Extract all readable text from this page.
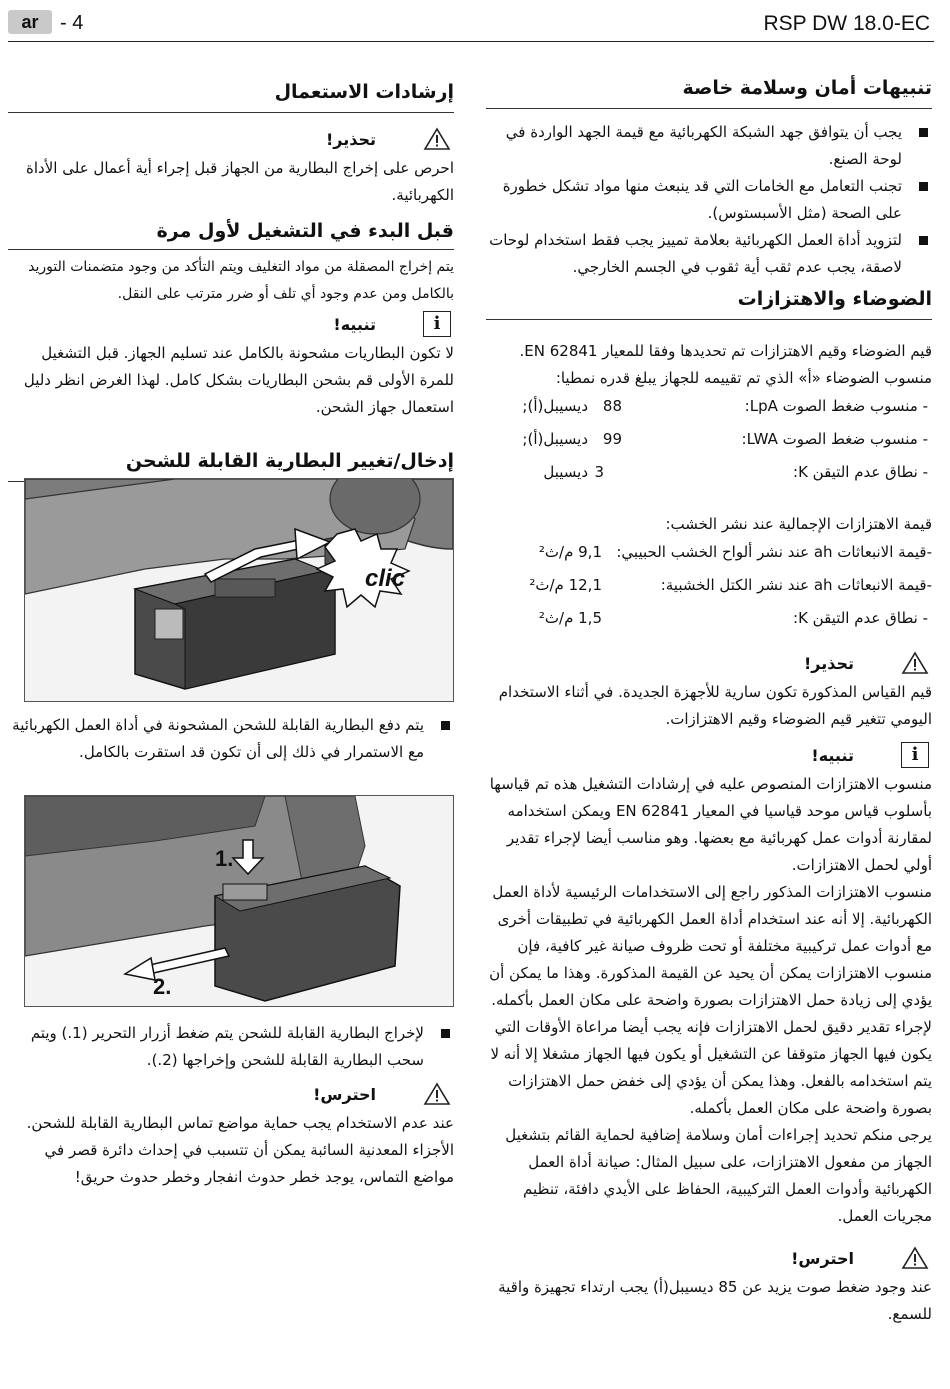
ar	- 4	RSP DW 18.0-EC
تنبيهات أمان وسلامة خاصة
يجب أن يتوافق جهد الشبكة الكهربائية مع قيمة الجهد الواردة في لوحة الصنع.
تجنب التعامل مع الخامات التي قد ينبعث منها مواد تشكل خطورة على الصحة (مثل الأسبستوس).
لتزويد أداة العمل الكهربائية بعلامة تمييز يجب فقط استخدام لوحات لاصقة، يجب عدم ثقب أية ثقوب في الجسم الخارجي.
الضوضاء والاهتزازات

قيم الضوضاء وقيم الاهتزازات تم تحديدها وفقا للمعيار EN 62841. منسوب الضوضاء «أ» الذي تم تقييمه للجهاز يبلغ قدره نمطيا:

- منسوب ضغط الصوت LpA:
88
ديسيبل(أ);
- منسوب ضغط الصوت LWA:
99
ديسيبل(أ);
- نطاق عدم التيقن K:
3
ديسيبل

قيمة الاهتزازات الإجمالية عند نشر الخشب:

-قيمة الانبعاثات ah عند نشر ألواح الخشب الحبيبي:
9,1 م/ث²
-قيمة الانبعاثات ah عند نشر الكتل الخشبية:
12,1 م/ث²
- نطاق عدم التيقن K:
1,5 م/ث²
تحذير!

قيم القياس المذكورة تكون سارية للأجهزة الجديدة. في أثناء الاستخدام اليومي تتغير قيم الضوضاء وقيم الاهتزازات.

i
تنبيه!

منسوب الاهتزازات المنصوص عليه في إرشادات التشغيل هذه تم قياسها بأسلوب قياس موحد قياسيا في المعيار EN 62841 ويمكن استخدامه لمقارنة أدوات عمل كهربائية مع بعضها. وهو مناسب أيضا لإجراء تقدير أولي لحمل الاهتزازات.

منسوب الاهتزازات المذكور راجع إلى الاستخدامات الرئيسية لأداة العمل الكهربائية. إلا أنه عند استخدام أداة العمل الكهربائية في تطبيقات أخرى مع أدوات عمل تركيبية مختلفة أو تحت ظروف صيانة غير كافية، فإن منسوب الاهتزازات يمكن أن يحيد عن القيمة المذكورة. وهذا ما يمكن أن يؤدي إلى زيادة حمل الاهتزازات بصورة واضحة على مكان العمل بأكمله.

لإجراء تقدير دقيق لحمل الاهتزازات فإنه يجب أيضا مراعاة الأوقات التي يكون فيها الجهاز متوقفا عن التشغيل أو يكون فيها الجهاز مشغلا إلا أنه لا يتم استخدامه بالفعل. وهذا يمكن أن يؤدي إلى خفض حمل الاهتزازات بصورة واضحة على مكان العمل بأكمله.

يرجى منكم تحديد إجراءات أمان وسلامة إضافية لحماية القائم بتشغيل الجهاز من مفعول الاهتزازات، على سبيل المثال: صيانة أداة العمل الكهربائية وأدوات العمل التركيبية، الحفاظ على الأيدي دافئة، تنظيم مجريات العمل.

احترس!

عند وجود ضغط صوت يزيد عن 85 ديسيبل(أ) يجب ارتداء تجهيزة واقية للسمع.

إرشادات الاستعمال
تحذير!

احرص على إخراج البطارية من الجهاز قبل إجراء أية أعمال على الأداة الكهربائية.

قبل البدء في التشغيل لأول مرة

يتم إخراج المصقلة من مواد التغليف ويتم التأكد من وجود متضمنات التوريد بالكامل ومن عدم وجود أي تلف أو ضرر مترتب على النقل.

i
تنبيه!

لا تكون البطاريات مشحونة بالكامل عند تسليم الجهاز. قبل التشغيل للمرة الأولى قم بشحن البطاريات بشكل كامل. لهذا الغرض انظر دليل استعمال جهاز الشحن.

إدخال/تغيير البطارية القابلة للشحن
clic
يتم دفع البطارية القابلة للشحن المشحونة في أداة العمل الكهربائية مع الاستمرار في ذلك إلى أن تكون قد استقرت بالكامل.
1.
2.
لإخراج البطارية القابلة للشحن يتم ضغط أزرار التحرير (1.) ويتم سحب البطارية القابلة للشحن وإخراجها (2.).
احترس!

عند عدم الاستخدام يجب حماية مواضع تماس البطارية القابلة للشحن. الأجزاء المعدنية السائبة يمكن أن تتسبب في إحداث دائرة قصر في مواضع التماس، يوجد خطر حدوث انفجار وخطر حدوث حريق!
